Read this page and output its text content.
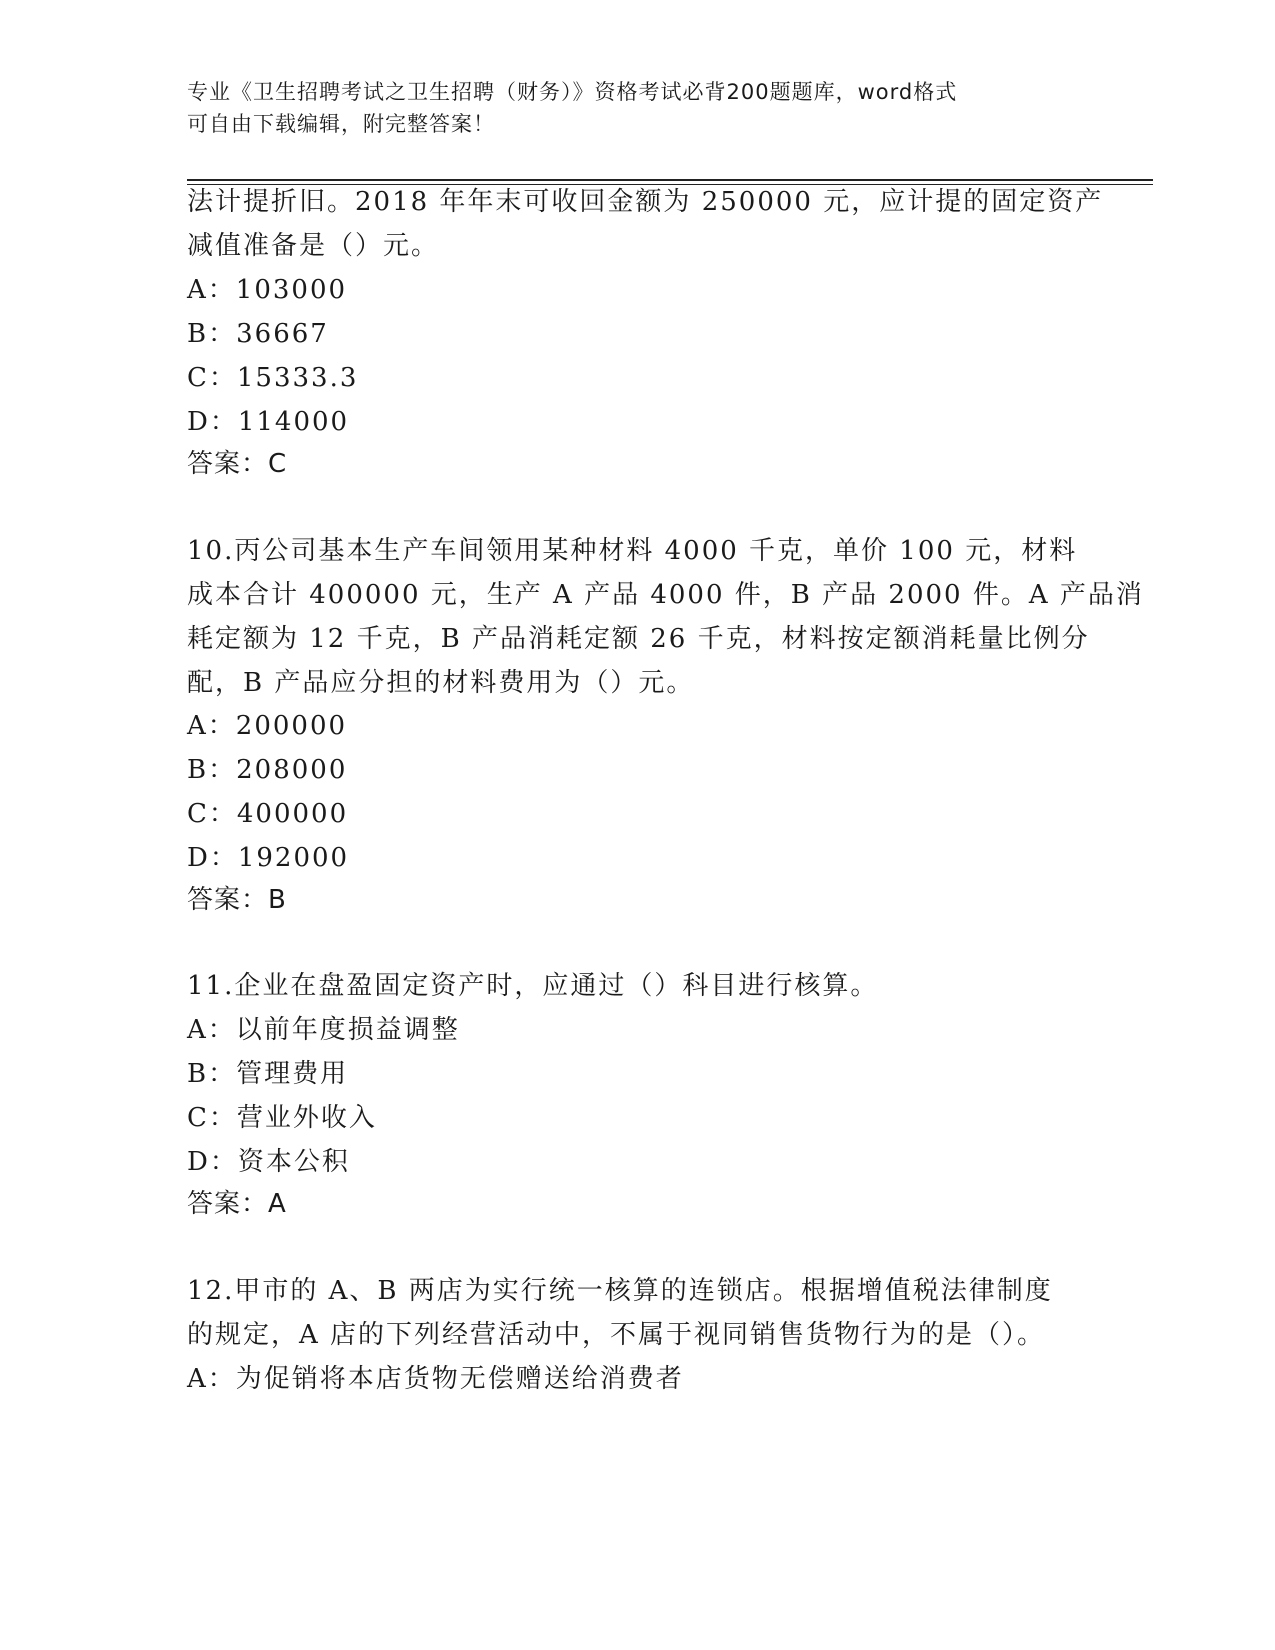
专业《卫生招聘考试之卫生招聘（财务）》资格考试必背200题题库，word格式
可自由下载编辑，附完整答案！
法计提折旧。2018 年年末可收回金额为 250000 元，应计提的固定资产
减值准备是（）元。
A：103000
B：36667
C：15333.3
D：114000
答案：C
10.丙公司基本生产车间领用某种材料 4000 千克，单价 100 元，材料
成本合计 400000 元，生产 A 产品 4000 件，B 产品 2000 件。A 产品消
耗定额为 12 千克，B 产品消耗定额 26 千克，材料按定额消耗量比例分
配，B 产品应分担的材料费用为（）元。
A：200000
B：208000
C：400000
D：192000
答案：B
11.企业在盘盈固定资产时，应通过（）科目进行核算。
A：以前年度损益调整
B：管理费用
C：营业外收入
D：资本公积
答案：A
12.甲市的 A、B 两店为实行统一核算的连锁店。根据增值税法律制度
的规定，A 店的下列经营活动中，不属于视同销售货物行为的是（）。
A：为促销将本店货物无偿赠送给消费者
